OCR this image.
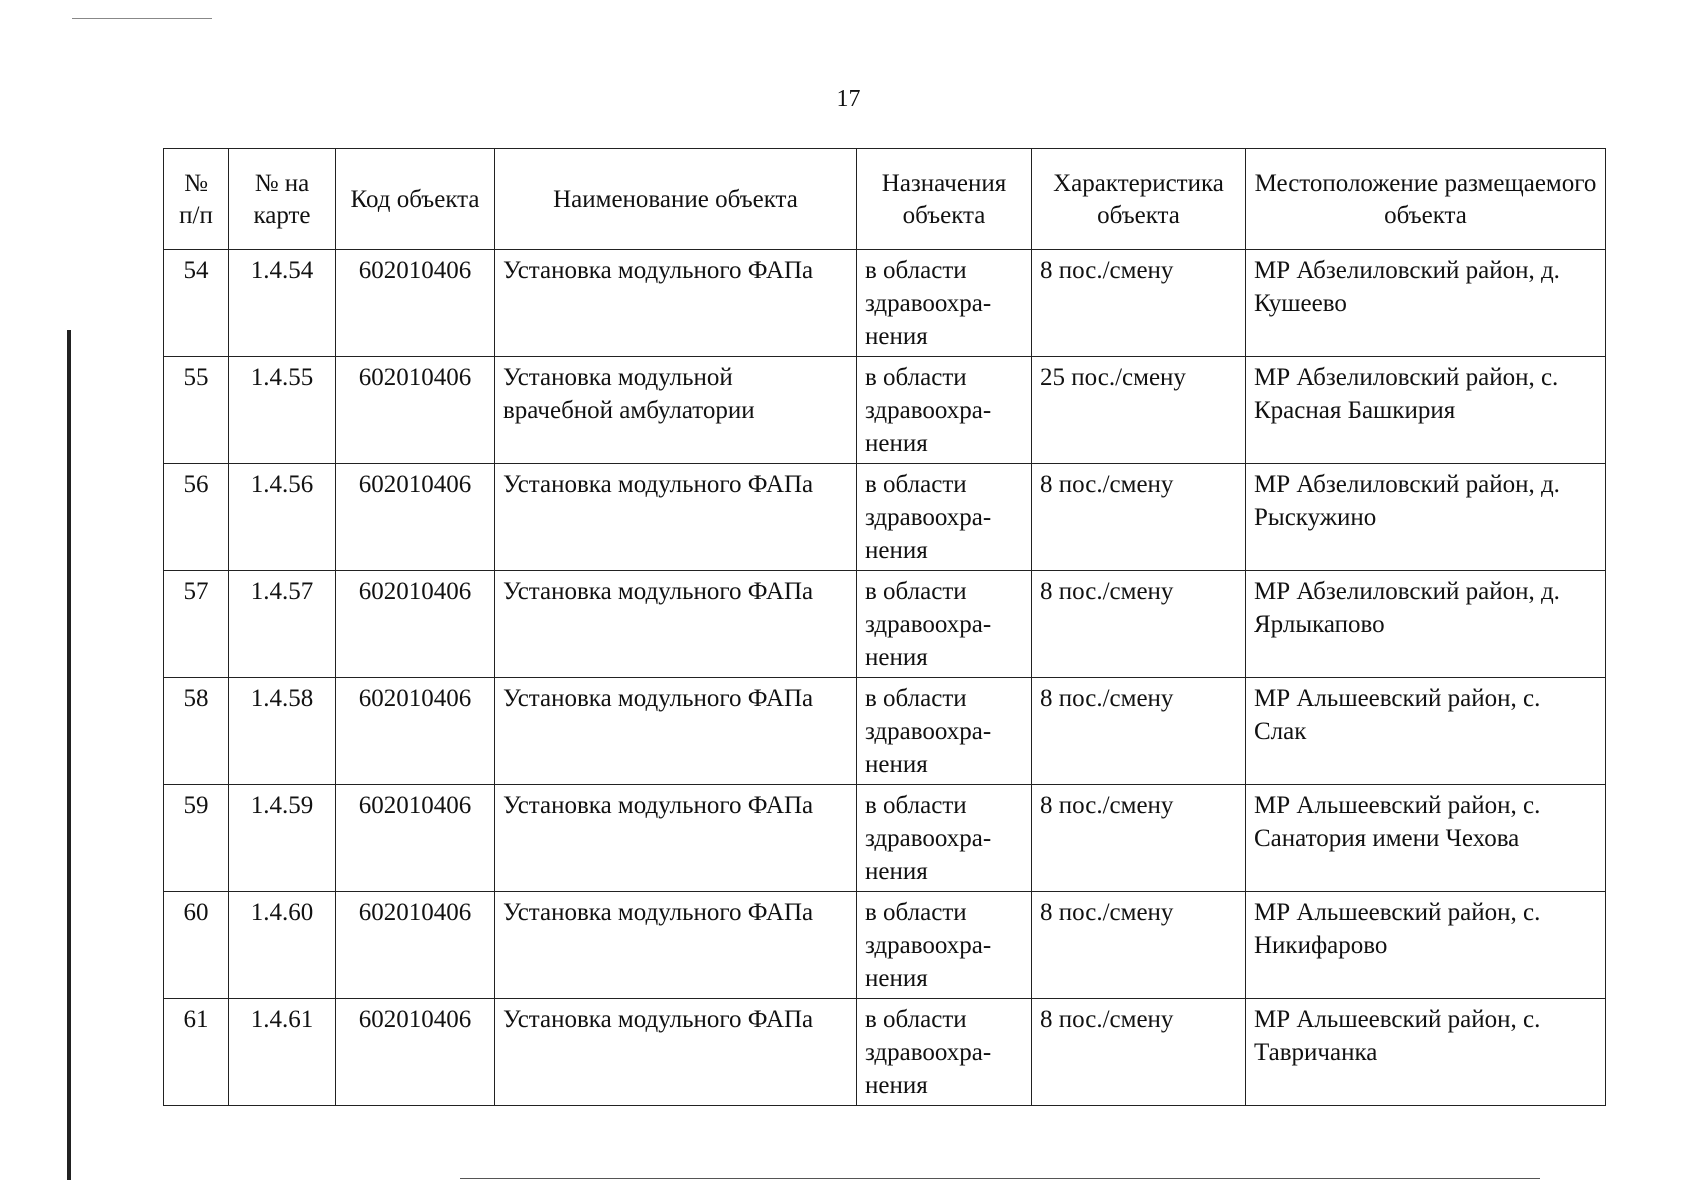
17
№ п/п	№ на карте	Код объекта	Наименование объекта	Назначения объекта	Характеристика объекта	Местоположение размещаемого объекта
54	1.4.54	602010406	Установка модульного ФАПа	в области здравоохра-нения	8 пос./смену	МР Абзелиловский район, д. Кушеево
55	1.4.55	602010406	Установка модульной врачебной амбулатории	в области здравоохра-нения	25 пос./смену	МР Абзелиловский район, с. Красная Башкирия
56	1.4.56	602010406	Установка модульного ФАПа	в области здравоохра-нения	8 пос./смену	МР Абзелиловский район, д. Рыскужино
57	1.4.57	602010406	Установка модульного ФАПа	в области здравоохра-нения	8 пос./смену	МР Абзелиловский район, д. Ярлыкапово
58	1.4.58	602010406	Установка модульного ФАПа	в области здравоохра-нения	8 пос./смену	МР Альшеевский район, с. Слак
59	1.4.59	602010406	Установка модульного ФАПа	в области здравоохра-нения	8 пос./смену	МР Альшеевский район, с. Санатория имени Чехова
60	1.4.60	602010406	Установка модульного ФАПа	в области здравоохра-нения	8 пос./смену	МР Альшеевский район, с. Никифарово
61	1.4.61	602010406	Установка модульного ФАПа	в области здравоохра-нения	8 пос./смену	МР Альшеевский район, с. Тавричанка
